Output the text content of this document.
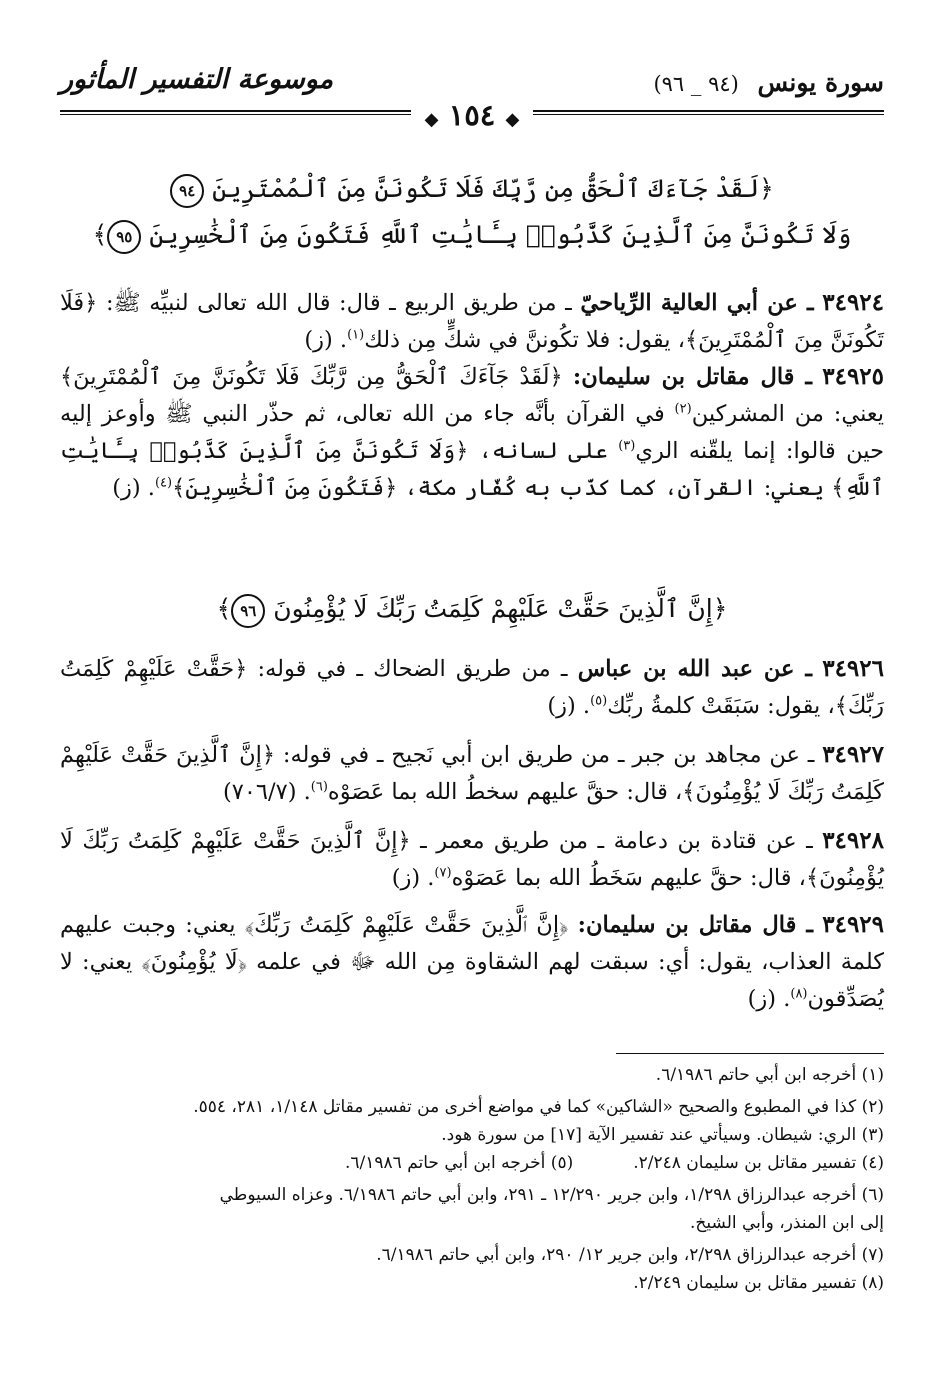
سورة يونس (٩٤ _ ٩٦)
موسوعة التفسير المأثور
◆ ١٥٤ ◆
﴿لَقَدْ جَآءَكَ ٱلْحَقُّ مِن رَّبِّكَ فَلَا تَكُونَنَّ مِنَ ٱلْمُمْتَرِينَ ٩٤
وَلَا تَكُونَنَّ مِنَ ٱلَّذِينَ كَذَّبُوا۟ بِـَٔايَٰتِ ٱللَّهِ فَتَكُونَ مِنَ ٱلْخَٰسِرِينَ ٩٥﴾
٣٤٩٢٤ ـ عن أبي العالية الرِّياحيّ ـ من طريق الربيع ـ قال: قال الله تعالى لنبيِّه ﷺ: ﴿فَلَا تَكُونَنَّ مِنَ ٱلْمُمْتَرِينَ﴾، يقول: فلا تكُوننَّ في شكٍّ مِن ذلك$^{(١)}$. (ز)
٣٤٩٢٥ ـ قال مقاتل بن سليمان: ﴿لَقَدْ جَآءَكَ ٱلْحَقُّ مِن رَّبِّكَ فَلَا تَكُونَنَّ مِنَ ٱلْمُمْتَرِينَ﴾ يعني: من المشركين$^{(٢)}$ في القرآن بأنَّه جاء من الله تعالى، ثم حذّر النبي ﷺ وأوعز إليه حين قالوا: إنما يلقّنه الري$^{(٣)}$ على لسانه، ﴿وَلَا تَكُونَنَّ مِنَ ٱلَّذِينَ كَذَّبُوا۟ بِـَٔايَٰتِ ٱللَّهِ﴾ يعني: القرآن، كما كذّب به كُفّار مكة، ﴿فَتَكُونَ مِنَ ٱلْخَٰسِرِينَ﴾$^{(٤)}$. (ز)
﴿إِنَّ ٱلَّذِينَ حَقَّتْ عَلَيْهِمْ كَلِمَتُ رَبِّكَ لَا يُؤْمِنُونَ ٩٦﴾
٣٤٩٢٦ ـ عن عبد الله بن عباس ـ من طريق الضحاك ـ في قوله: ﴿حَقَّتْ عَلَيْهِمْ كَلِمَتُ رَبِّكَ﴾، يقول: سَبَقَتْ كلمةُ ربِّك$^{(٥)}$. (ز)
٣٤٩٢٧ ـ عن مجاهد بن جبر ـ من طريق ابن أبي نَجيح ـ في قوله: ﴿إِنَّ ٱلَّذِينَ حَقَّتْ عَلَيْهِمْ كَلِمَتُ رَبِّكَ لَا يُؤْمِنُونَ﴾، قال: حقَّ عليهم سخطُ الله بما عَصَوْه$^{(٦)}$. (٧٠٦/٧)
٣٤٩٢٨ ـ عن قتادة بن دعامة ـ من طريق معمر ـ ﴿إِنَّ ٱلَّذِينَ حَقَّتْ عَلَيْهِمْ كَلِمَتُ رَبِّكَ لَا يُؤْمِنُونَ﴾، قال: حقَّ عليهم سَخَطُ الله بما عَصَوْه$^{(٧)}$. (ز)
٣٤٩٢٩ ـ قال مقاتل بن سليمان: ﴿إِنَّ ٱلَّذِينَ حَقَّتْ عَلَيْهِمْ كَلِمَتُ رَبِّكَ﴾ يعني: وجبت عليهم كلمة العذاب، يقول: أي: سبقت لهم الشقاوة مِن الله ﷻ في علمه ﴿لَا يُؤْمِنُونَ﴾ يعني: لا يُصَدِّقون$^{(٨)}$. (ز)
(١) أخرجه ابن أبي حاتم ٦/١٩٨٦.
(٢) كذا في المطبوع والصحيح «الشاكين» كما في مواضع أخرى من تفسير مقاتل ١/١٤٨، ٢٨١، ٥٥٤.
(٣) الري: شيطان. وسيأتي عند تفسير الآية [١٧] من سورة هود.
(٤) تفسير مقاتل بن سليمان ٢/٢٤٨.(٥) أخرجه ابن أبي حاتم ٦/١٩٨٦.
(٦) أخرجه عبدالرزاق ١/٢٩٨، وابن جرير ١٢/٢٩٠ ـ ٢٩١، وابن أبي حاتم ٦/١٩٨٦. وعزاه السيوطي
إلى ابن المنذر، وأبي الشيخ.
(٧) أخرجه عبدالرزاق ٢/٢٩٨، وابن جرير ١٢/ ٢٩٠، وابن أبي حاتم ٦/١٩٨٦.
(٨) تفسير مقاتل بن سليمان ٢/٢٤٩.
